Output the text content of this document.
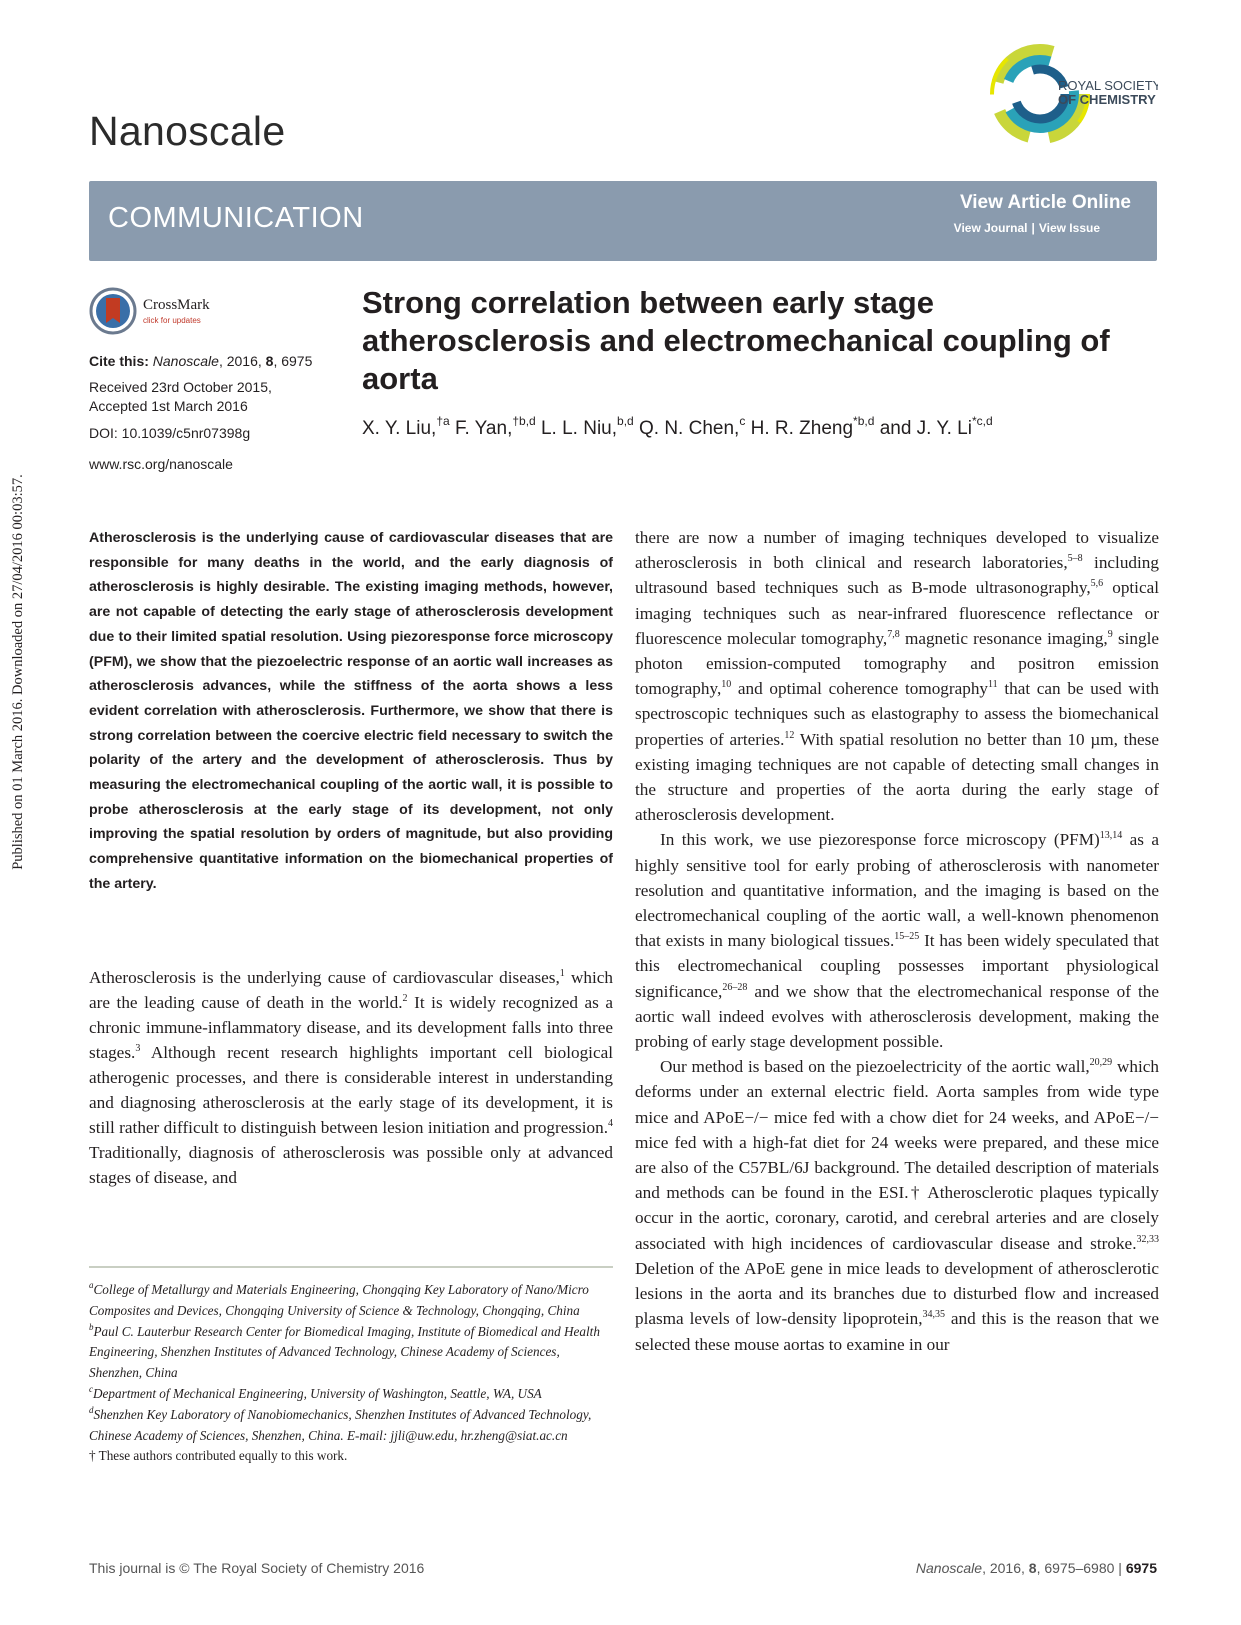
Published on 01 March 2016. Downloaded on 27/04/2016 00:03:57.
Nanoscale
ROYAL SOCIETY
OF CHEMISTRY
COMMUNICATION	View Article Online
View Journal | View Issue
CrossMark
click for updates
Cite this: Nanoscale, 2016, 8, 6975
Received 23rd October 2015,
Accepted 1st March 2016
DOI: 10.1039/c5nr07398g
www.rsc.org/nanoscale
Strong correlation between early stage atherosclerosis and electromechanical coupling of aorta
X. Y. Liu,$^{\dagger a}$ F. Yan,$^{\dagger b,d}$ L. L. Niu,$^{b,d}$ Q. N. Chen,$^c$ H. R. Zheng$^{*b,d}$ and J. Y. Li$^{*c,d}$
Atherosclerosis is the underlying cause of cardiovascular diseases that are responsible for many deaths in the world, and the early diagnosis of atherosclerosis is highly desirable. The existing imaging methods, however, are not capable of detecting the early stage of atherosclerosis development due to their limited spatial resolution. Using piezoresponse force microscopy (PFM), we show that the piezoelectric response of an aortic wall increases as atherosclerosis advances, while the stiffness of the aorta shows a less evident correlation with atherosclerosis. Furthermore, we show that there is strong correlation between the coercive electric field necessary to switch the polarity of the artery and the development of atherosclerosis. Thus by measuring the electromechanical coupling of the aortic wall, it is possible to probe atherosclerosis at the early stage of its development, not only improving the spatial resolution by orders of magnitude, but also providing comprehensive quantitative information on the biomechanical properties of the artery.

Atherosclerosis is the underlying cause of cardiovascular diseases,$^1$ which are the leading cause of death in the world.$^2$ It is widely recognized as a chronic immune-inflammatory disease, and its development falls into three stages.$^3$ Although recent research highlights important cell biological atherogenic processes, and there is considerable interest in understanding and diagnosing atherosclerosis at the early stage of its development, it is still rather difficult to distinguish between lesion initiation and progression.$^4$ Traditionally, diagnosis of atherosclerosis was possible only at advanced stages of disease, and

$^a$College of Metallurgy and Materials Engineering, Chongqing Key Laboratory of Nano/Micro Composites and Devices, Chongqing University of Science & Technology, Chongqing, China

$^b$Paul C. Lauterbur Research Center for Biomedical Imaging, Institute of Biomedical and Health Engineering, Shenzhen Institutes of Advanced Technology, Chinese Academy of Sciences, Shenzhen, China

$^c$Department of Mechanical Engineering, University of Washington, Seattle, WA, USA

$^d$Shenzhen Key Laboratory of Nanobiomechanics, Shenzhen Institutes of Advanced Technology, Chinese Academy of Sciences, Shenzhen, China. E-mail: jjli@uw.edu, hr.zheng@siat.ac.cn

† These authors contributed equally to this work.

there are now a number of imaging techniques developed to visualize atherosclerosis in both clinical and research laboratories,$^{5-8}$ including ultrasound based techniques such as B-mode ultrasonography,$^{5,6}$ optical imaging techniques such as near-infrared fluorescence reflectance or fluorescence molecular tomography,$^{7,8}$ magnetic resonance imaging,$^9$ single photon emission-computed tomography and positron emission tomography,$^{10}$ and optimal coherence tomography$^{11}$ that can be used with spectroscopic techniques such as elastography to assess the biomechanical properties of arteries.$^{12}$ With spatial resolution no better than 10 µm, these existing imaging techniques are not capable of detecting small changes in the structure and properties of the aorta during the early stage of atherosclerosis development.

In this work, we use piezoresponse force microscopy (PFM)$^{13,14}$ as a highly sensitive tool for early probing of atherosclerosis with nanometer resolution and quantitative information, and the imaging is based on the electromechanical coupling of the aortic wall, a well-known phenomenon that exists in many biological tissues.$^{15-25}$ It has been widely speculated that this electromechanical coupling possesses important physiological significance,$^{26-28}$ and we show that the electromechanical response of the aortic wall indeed evolves with atherosclerosis development, making the probing of early stage development possible.

Our method is based on the piezoelectricity of the aortic wall,$^{20,29}$ which deforms under an external electric field. Aorta samples from wide type mice and APoE−/− mice fed with a chow diet for 24 weeks, and APoE−/− mice fed with a high-fat diet for 24 weeks were prepared, and these mice are also of the C57BL/6J background. The detailed description of materials and methods can be found in the ESI.† Atherosclerotic plaques typically occur in the aortic, coronary, carotid, and cerebral arteries and are closely associated with high incidences of cardiovascular disease and stroke.$^{32,33}$ Deletion of the APoE gene in mice leads to development of atherosclerotic lesions in the aorta and its branches due to disturbed flow and increased plasma levels of low-density lipoprotein,$^{34,35}$ and this is the reason that we selected these mouse aortas to examine in our

This journal is © The Royal Society of Chemistry 2016	Nanoscale, 2016, 8, 6975–6980 | 6975
